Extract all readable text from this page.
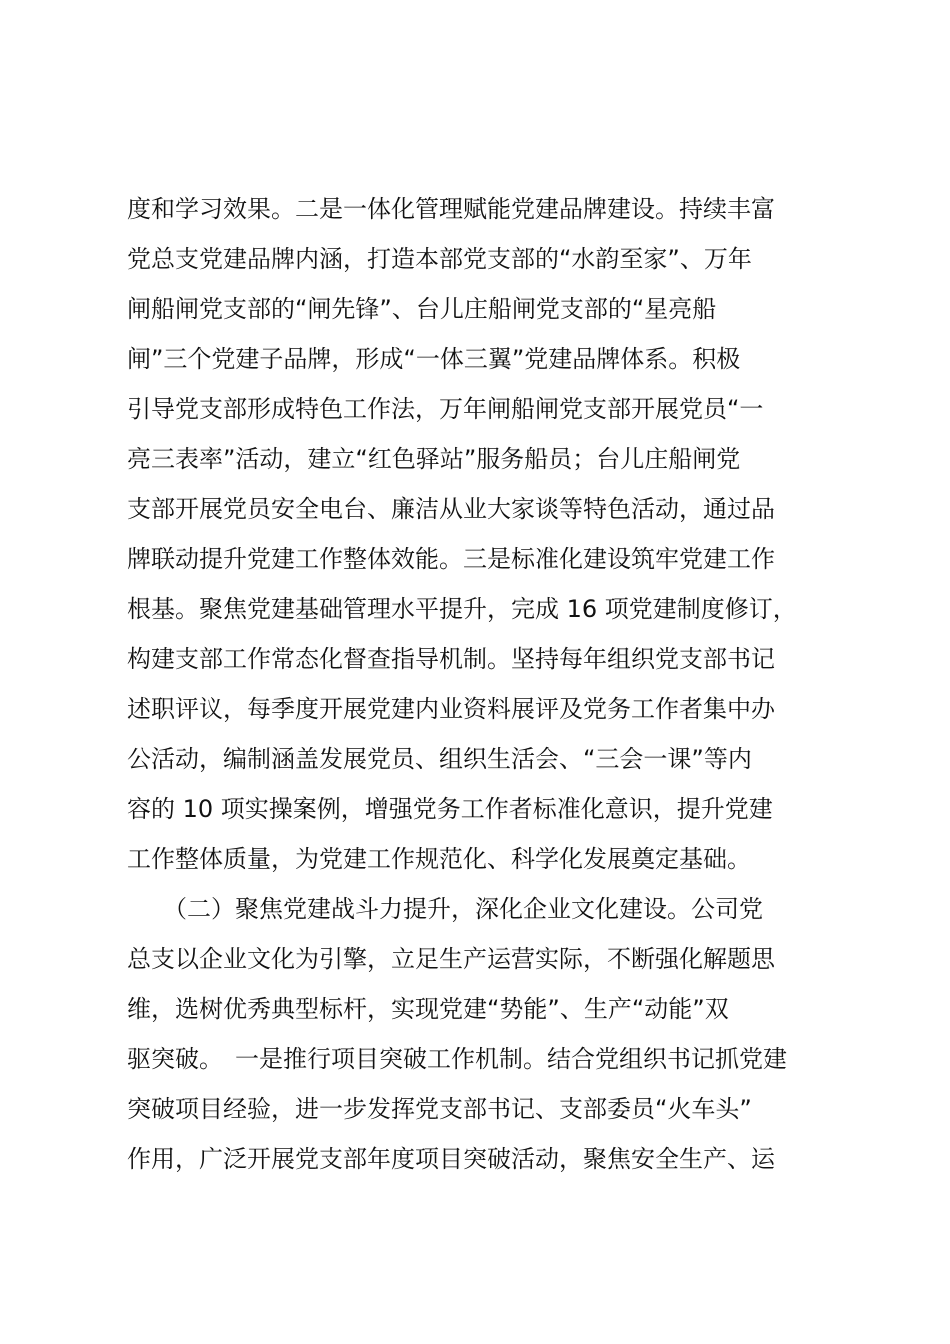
度和学习效果。二是一体化管理赋能党建品牌建设。持续丰富
党总支党建品牌内涵，打造本部党支部的“水韵至家”、万年
闸船闸党支部的“闸先锋”、台儿庄船闸党支部的“星亮船
闸”三个党建子品牌，形成“一体三翼”党建品牌体系。积极
引导党支部形成特色工作法，万年闸船闸党支部开展党员“一
亮三表率”活动，建立“红色驿站”服务船员；台儿庄船闸党
支部开展党员安全电台、廉洁从业大家谈等特色活动，通过品
牌联动提升党建工作整体效能。三是标准化建设筑牢党建工作
根基。聚焦党建基础管理水平提升，完成 16 项党建制度修订，
构建支部工作常态化督查指导机制。坚持每年组织党支部书记
述职评议，每季度开展党建内业资料展评及党务工作者集中办
公活动，编制涵盖发展党员、组织生活会、“三会一课”等内
容的 10 项实操案例，增强党务工作者标准化意识，提升党建
工作整体质量，为党建工作规范化、科学化发展奠定基础。
　　（二）聚焦党建战斗力提升，深化企业文化建设。公司党
总支以企业文化为引擎，立足生产运营实际，不断强化解题思
维，选树优秀典型标杆，实现党建“势能”、生产“动能”双
驱突破。　一是推行项目突破工作机制。结合党组织书记抓党建
突破项目经验，进一步发挥党支部书记、支部委员“火车头”
作用，广泛开展党支部年度项目突破活动，聚焦安全生产、运
